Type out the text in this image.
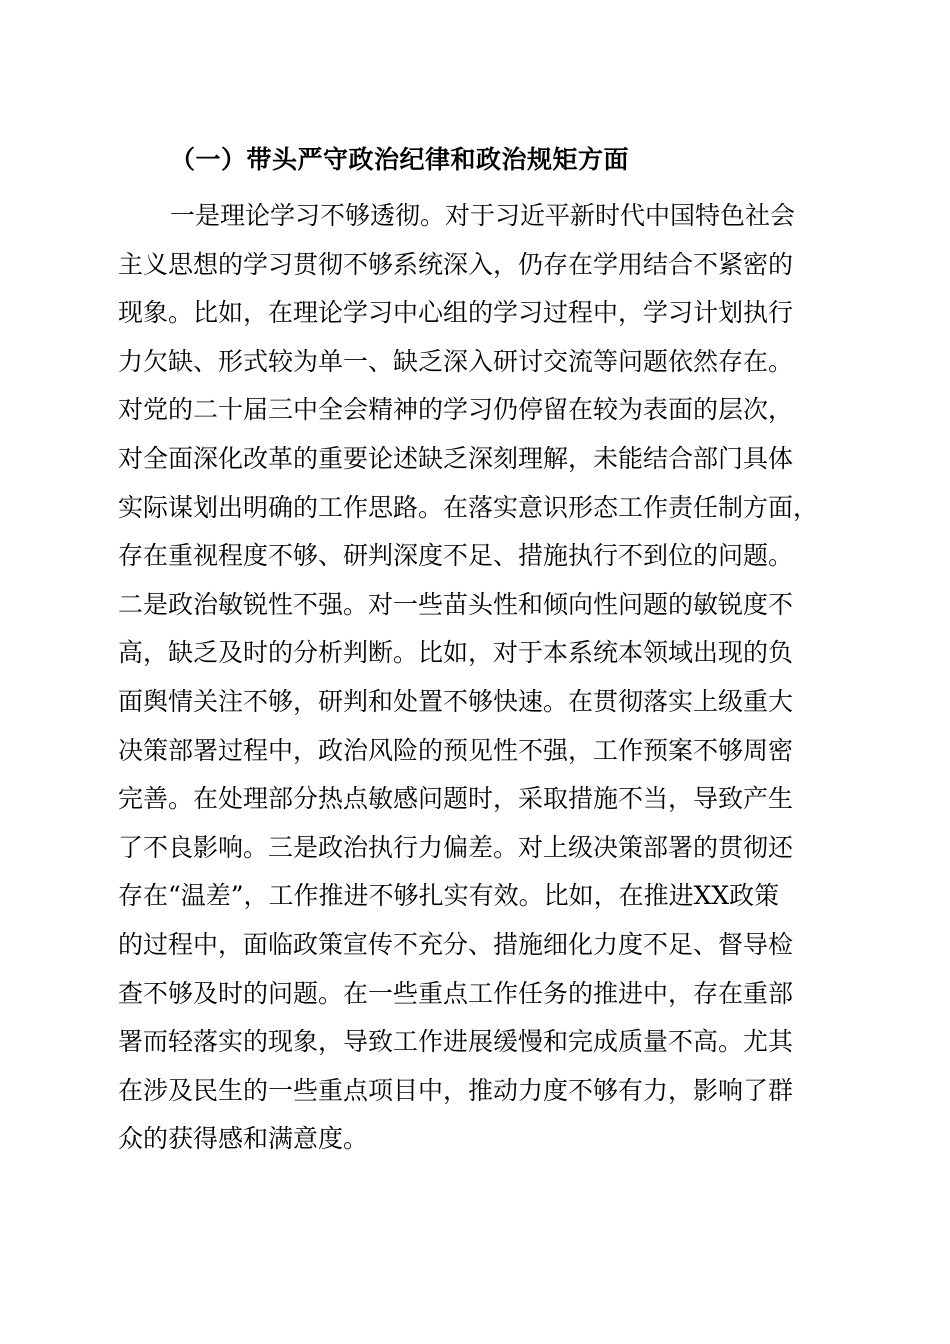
（一）带头严守政治纪律和政治规矩方面
一是理论学习不够透彻。对于习近平新时代中国特色社会
主义思想的学习贯彻不够系统深入，仍存在学用结合不紧密的
现象。比如，在理论学习中心组的学习过程中，学习计划执行
力欠缺、形式较为单一、缺乏深入研讨交流等问题依然存在。
对党的二十届三中全会精神的学习仍停留在较为表面的层次，
对全面深化改革的重要论述缺乏深刻理解，未能结合部门具体
实际谋划出明确的工作思路。在落实意识形态工作责任制方面，
存在重视程度不够、研判深度不足、措施执行不到位的问题。
二是政治敏锐性不强。对一些苗头性和倾向性问题的敏锐度不
高，缺乏及时的分析判断。比如，对于本系统本领域出现的负
面舆情关注不够，研判和处置不够快速。在贯彻落实上级重大
决策部署过程中，政治风险的预见性不强，工作预案不够周密
完善。在处理部分热点敏感问题时，采取措施不当，导致产生
了不良影响。三是政治执行力偏差。对上级决策部署的贯彻还
存在“温差”，工作推进不够扎实有效。比如，在推进XX政策
的过程中，面临政策宣传不充分、措施细化力度不足、督导检
查不够及时的问题。在一些重点工作任务的推进中，存在重部
署而轻落实的现象，导致工作进展缓慢和完成质量不高。尤其
在涉及民生的一些重点项目中，推动力度不够有力，影响了群
众的获得感和满意度。
